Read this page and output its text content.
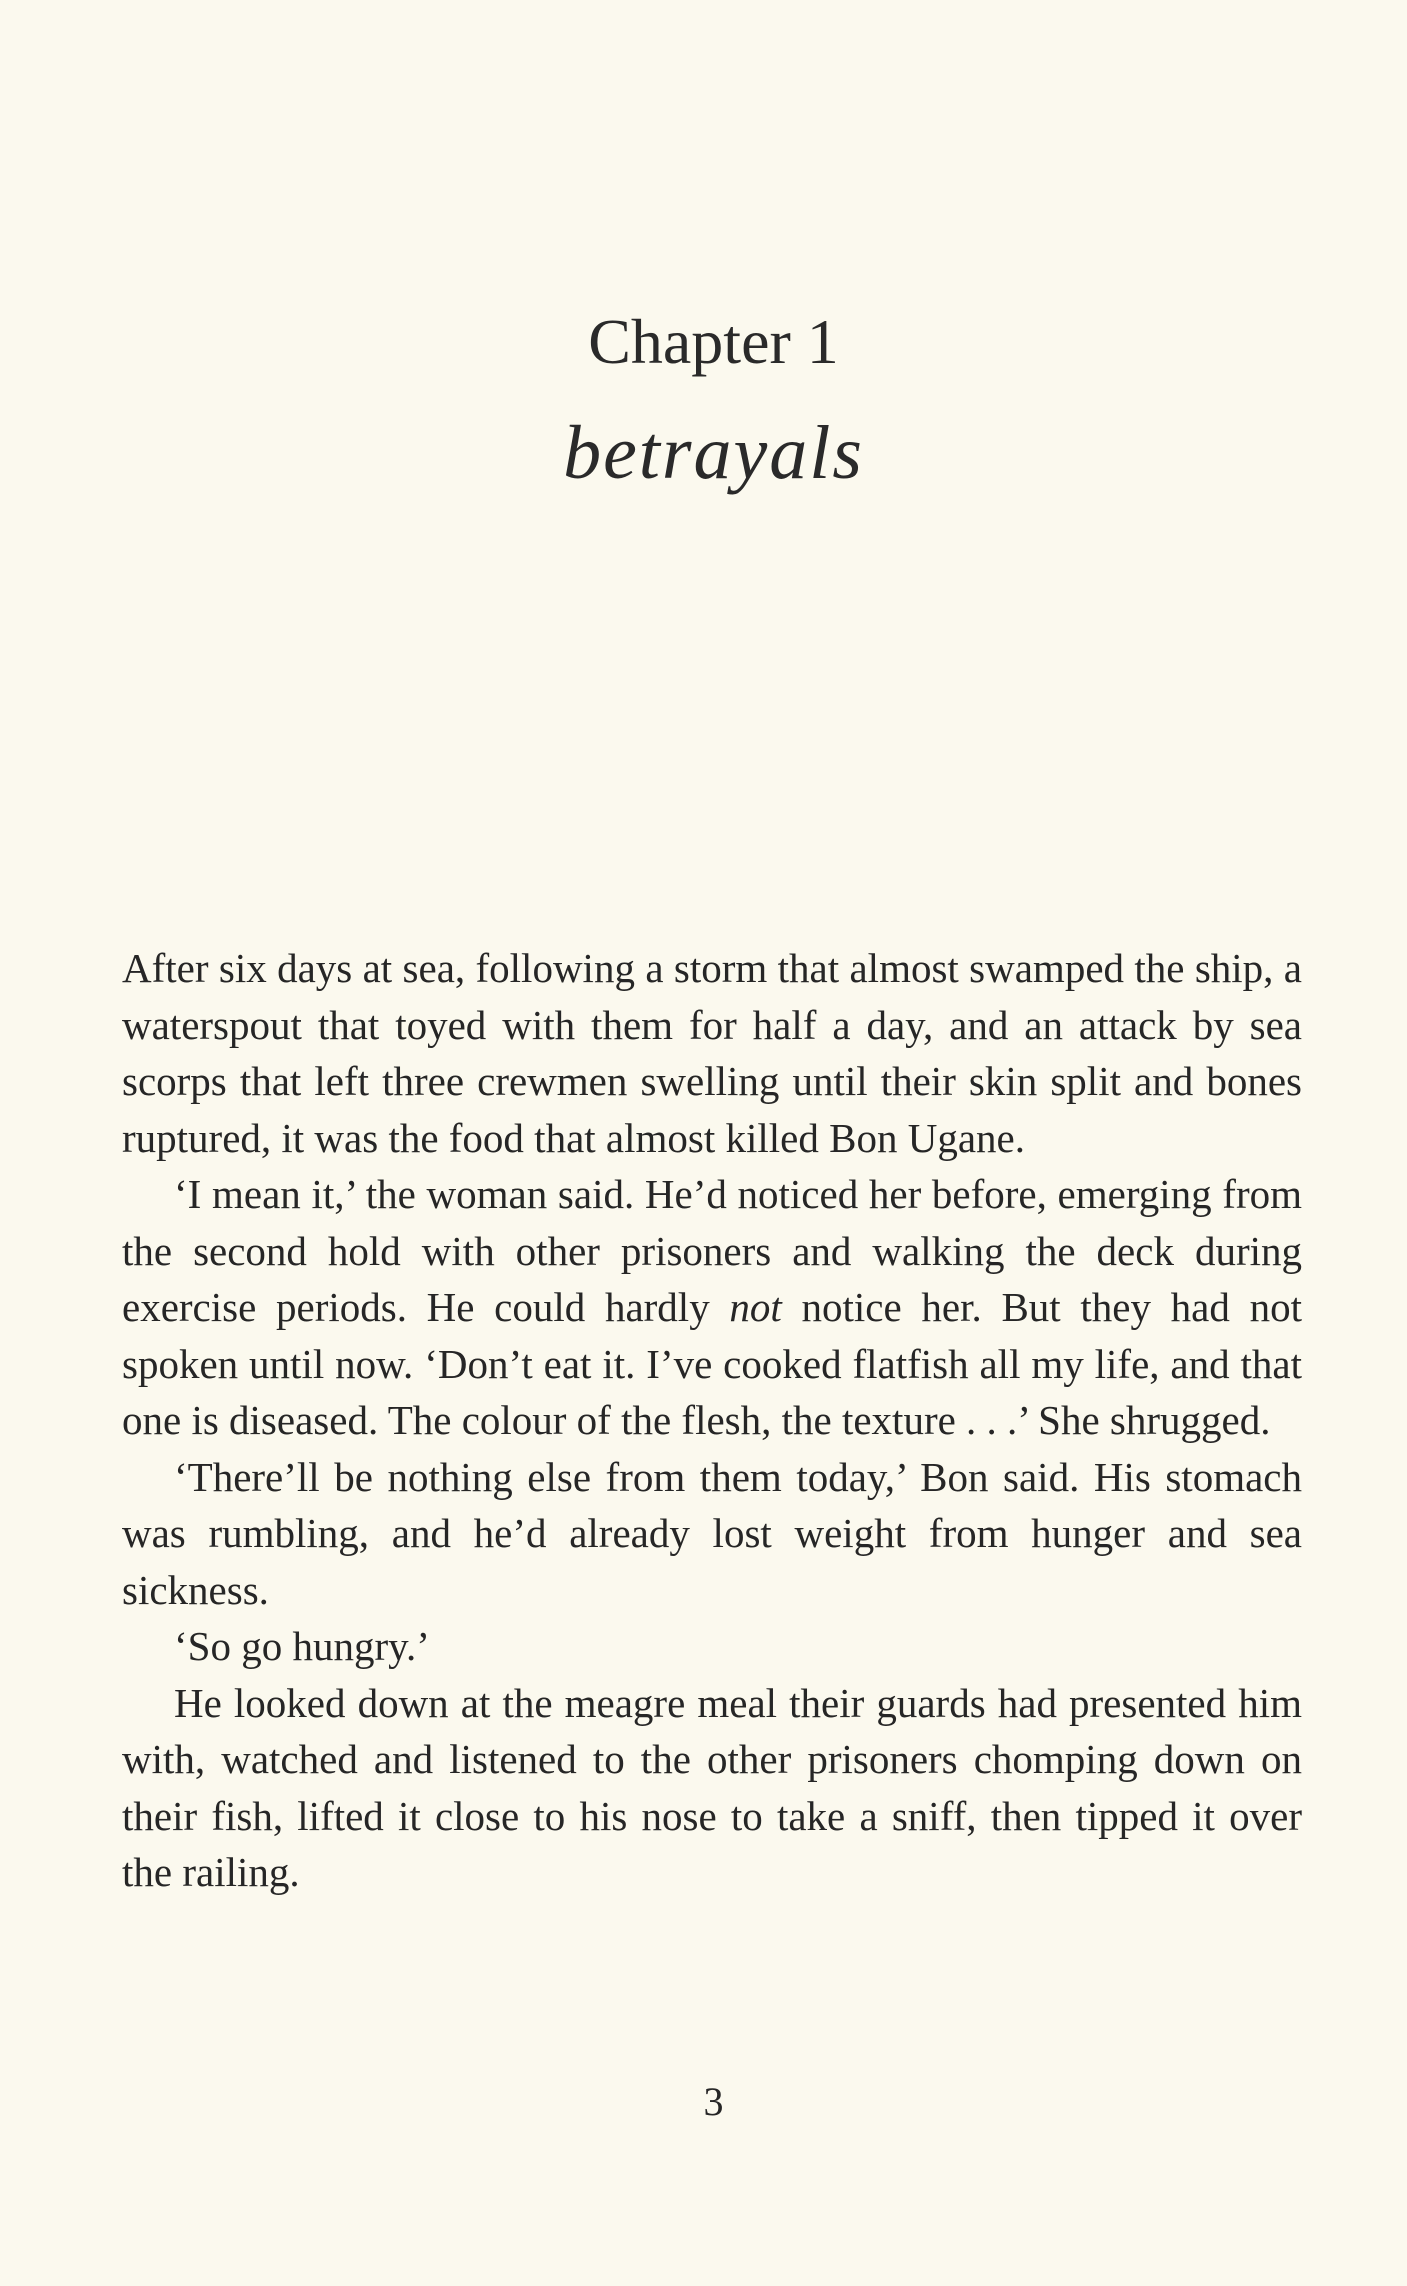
Chapter 1
betrayals

After six days at sea, following a storm that almost swamped the ship, a waterspout that toyed with them for half a day, and an attack by sea scorps that left three crewmen swelling until their skin split and bones ruptured, it was the food that almost killed Bon Ugane.

‘I mean it,’ the woman said. He’d noticed her before, emerging from the second hold with other prisoners and walking the deck during exercise periods. He could hardly not notice her. But they had not spoken until now. ‘Don’t eat it. I’ve cooked flatfish all my life, and that one is diseased. The colour of the flesh, the texture . . .’ She shrugged.

‘There’ll be nothing else from them today,’ Bon said. His stomach was rumbling, and he’d already lost weight from hunger and sea sickness.

‘So go hungry.’

He looked down at the meagre meal their guards had presented him with, watched and listened to the other prisoners chomping down on their fish, lifted it close to his nose to take a sniff, then tipped it over the railing.

3
